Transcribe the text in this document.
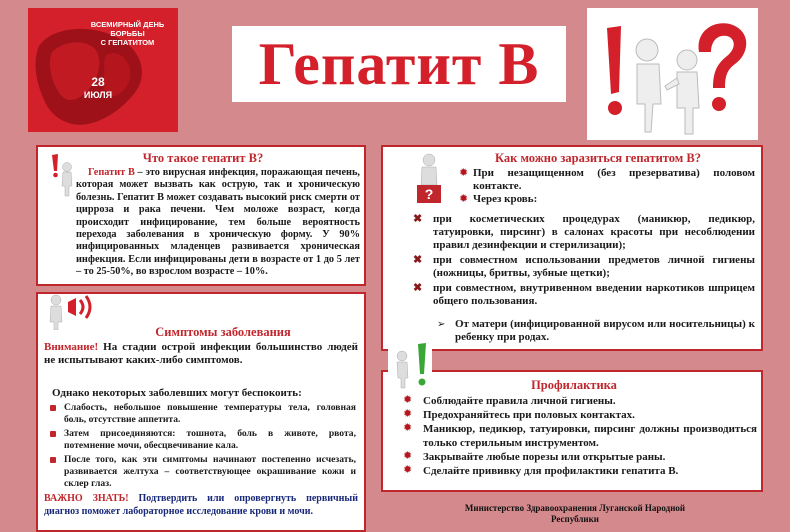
ВСЕМИРНЫЙ ДЕНЬ
БОРЬБЫ
С ГЕПАТИТОМ
28
ИЮЛЯ Гепатит B
Что такое гепатит В?

Гепатит В – это вирусная инфекция, поражающая печень, которая может вызвать как острую, так и хроническую болезнь. Гепатит В может создавать высокий риск смерти от цирроза и рака печени. Чем моложе возраст, когда происходит инфицирование, тем больше вероятность перехода заболевания в хроническую форму. У 90% инфицированных младенцев развивается хроническая инфекция. Если инфицированы дети в возрасте от 1 до 5 лет – то 25-50%, во взрослом возрасте – 10%.

Симптомы заболевания

Внимание! На стадии острой инфекции большинство людей не испытывают каких-либо симптомов.

Однако некоторых заболевших могут беспокоить:
Слабость, небольшое повышение температуры тела, головная боль, отсутствие аппетита.
Затем присоединяются: тошнота, боль в животе, рвота, потемнение мочи, обесцвечивание кала.
После того, как эти симптомы начинают постепенно исчезать, развивается желтуха – соответствующее окрашивание кожи и склер глаз.

ВАЖНО ЗНАТЬ! Подтвердить или опровергнуть первичный диагноз поможет лабораторное исследование крови и мочи.

?
Как можно заразиться гепатитом В?
✹ При незащищенном (без презерватива) половом контакте.
✹ Через кровь:
✖ при косметических процедурах (маникюр, педикюр, татуировки, пирсинг) в салонах красоты при несоблюдении правил дезинфекции и стерилизации);
✖ при совместном использовании предметов личной гигиены (ножницы, бритвы, зубные щетки);
✖ при совместном, внутривенном введении наркотиков шприцем общего пользования.
➢ От матери (инфицированной вирусом или носительницы) к ребенку при родах.
Профилактика
✹ Соблюдайте правила личной гигиены.
✹ Предохраняйтесь при половых контактах.
✹ Маникюр, педикюр, татуировки, пирсинг должны производиться только стерильным инструментом.
✹ Закрывайте любые порезы или открытые раны.
✹ Сделайте прививку для профилактики гепатита В.
Министерство Здравоохранения Луганской Народной Республики
